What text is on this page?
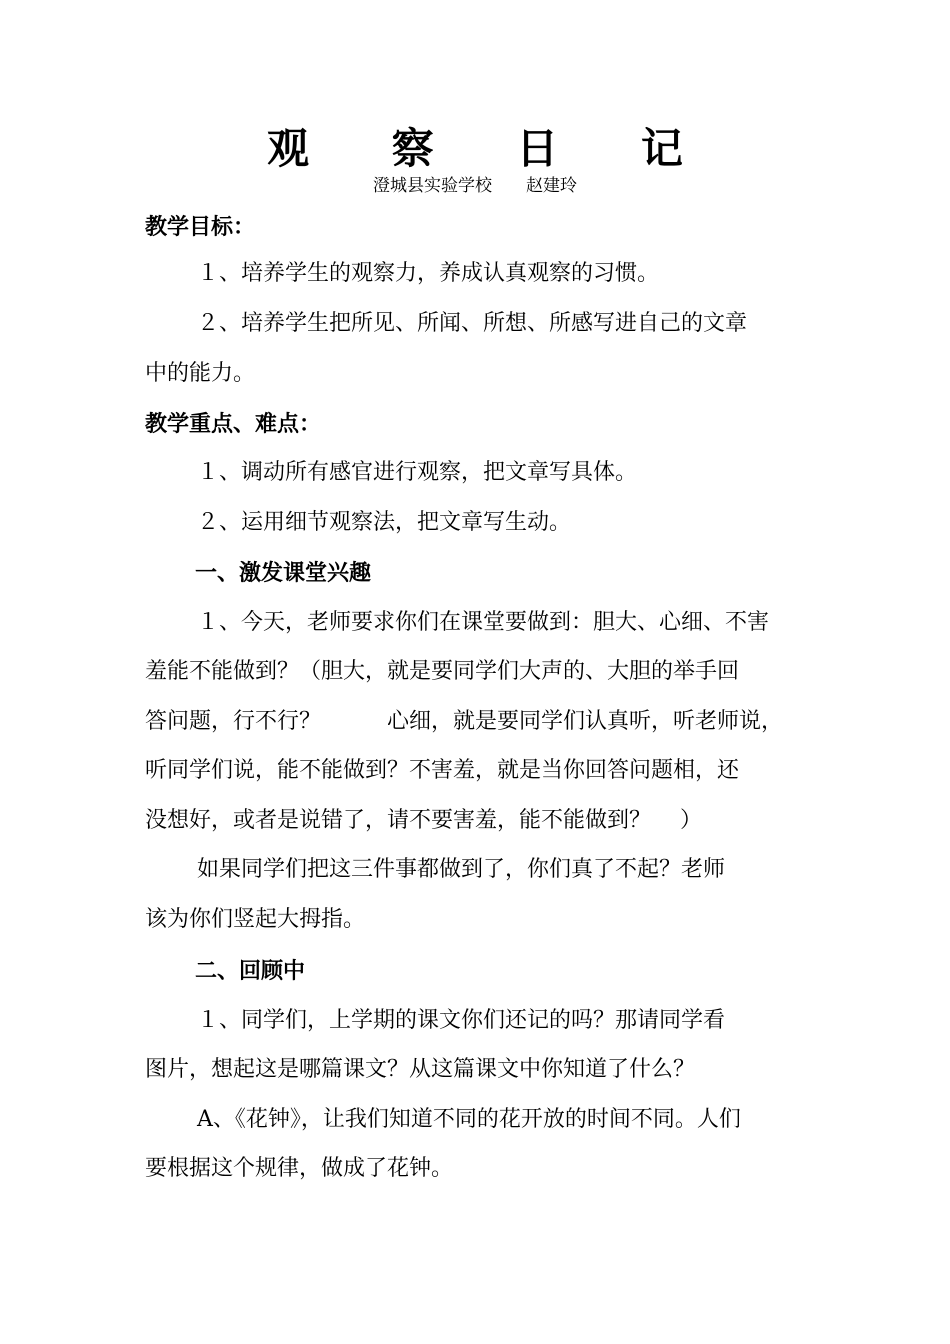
观 察 日 记
澄城县实验学校　　赵建玲
教学目标：
１、培养学生的观察力，养成认真观察的习惯。
２、培养学生把所见、所闻、所想、所感写进自己的文章
中的能力。
教学重点、难点：
１、调动所有感官进行观察，把文章写具体。
２、运用细节观察法，把文章写生动。
一、激发课堂兴趣
１、今天，老师要求你们在课堂要做到：胆大、心细、不害
羞能不能做到？（胆大，就是要同学们大声的、大胆的举手回
答问题，行不行？　　　心细，就是要同学们认真听，听老师说，
听同学们说，能不能做到？不害羞，就是当你回答问题相，还
没想好，或者是说错了，请不要害羞，能不能做到？　 ）
如果同学们把这三件事都做到了，你们真了不起？老师
该为你们竖起大拇指。
二、回顾中
１、同学们，上学期的课文你们还记的吗？那请同学看
图片，想起这是哪篇课文？从这篇课文中你知道了什么？
A、《花钟》，让我们知道不同的花开放的时间不同。人们
要根据这个规律，做成了花钟。
